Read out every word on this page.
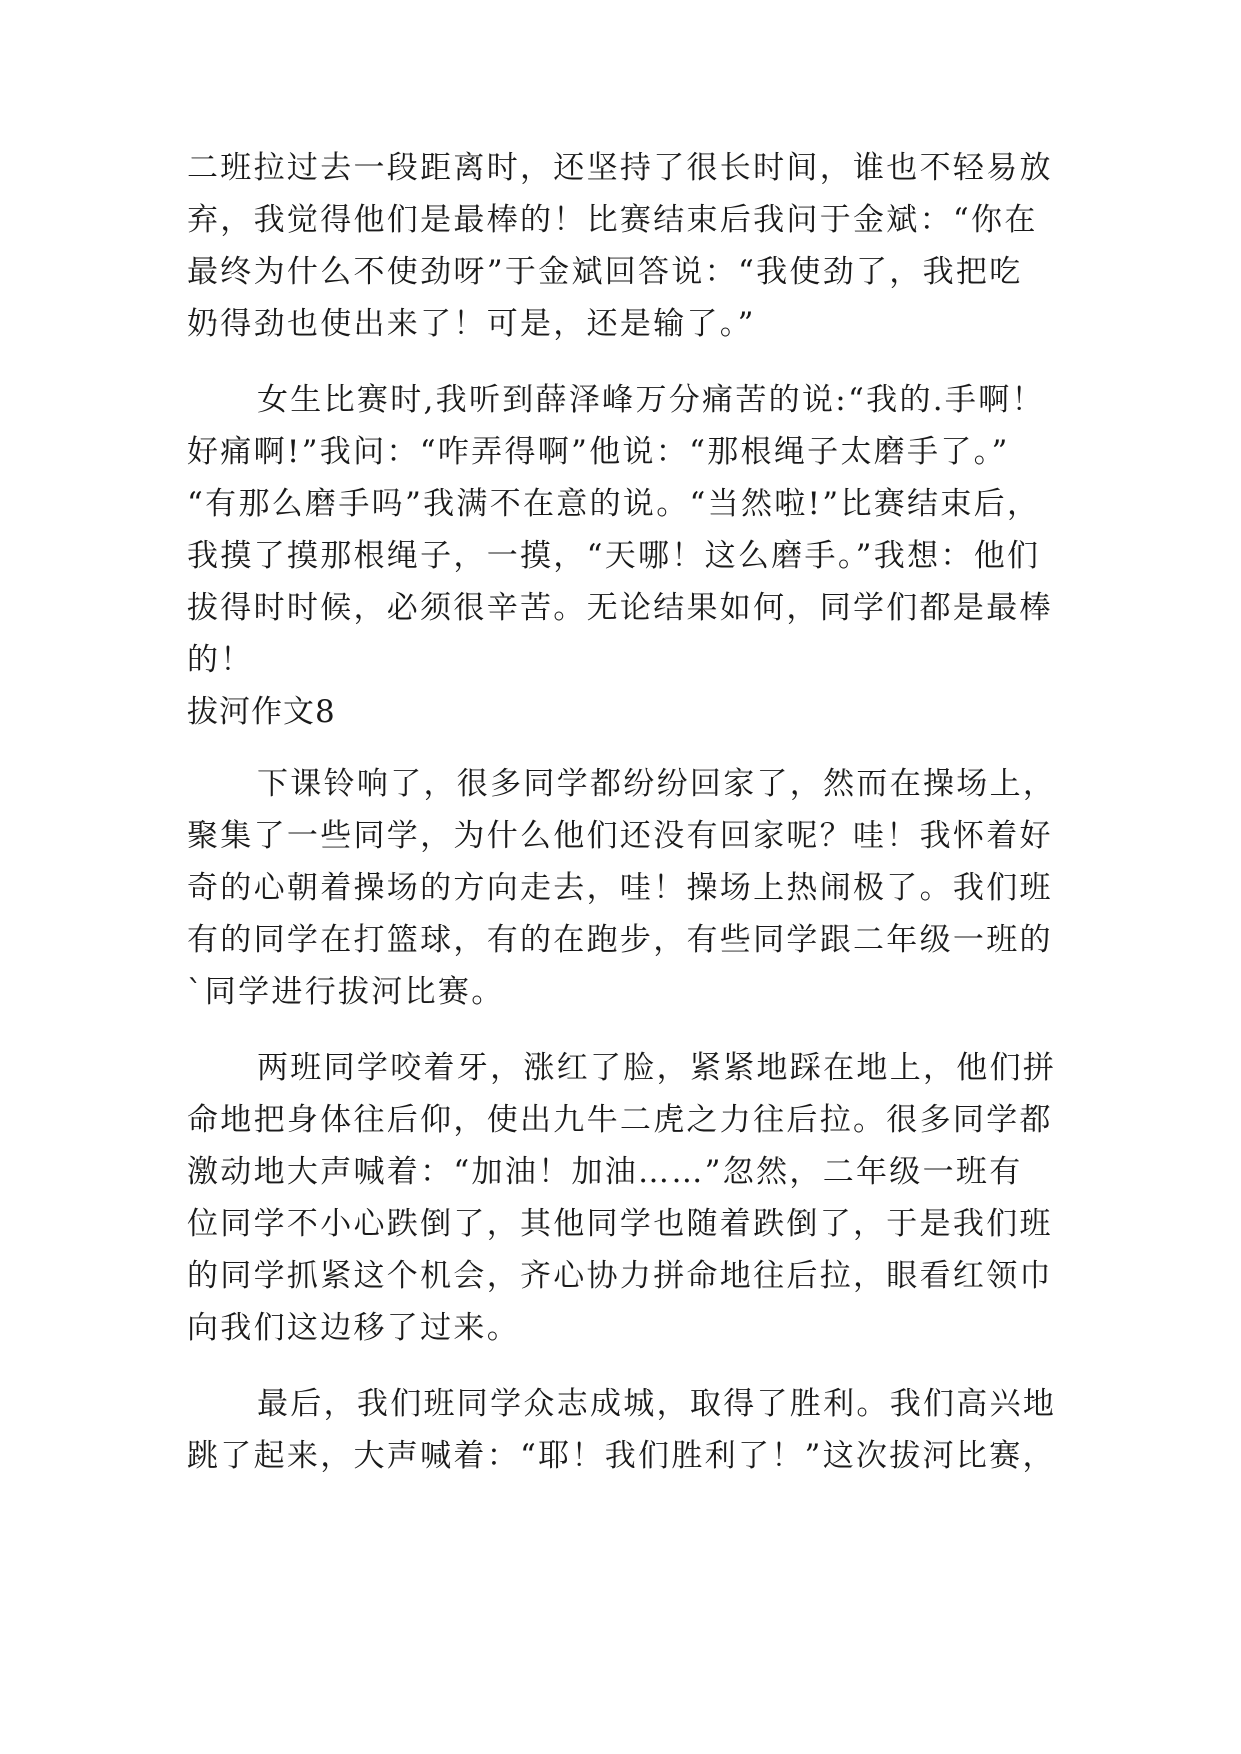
二班拉过去一段距离时，还坚持了很长时间，谁也不轻易放
弃，我觉得他们是最棒的！比赛结束后我问于金斌：“你在
最终为什么不使劲呀”于金斌回答说：“我使劲了，我把吃
奶得劲也使出来了！可是，还是输了。”
女生比赛时,我听到薛泽峰万分痛苦的说:“我的.手啊！
好痛啊!”我问：“咋弄得啊”他说：“那根绳子太磨手了。”
“有那么磨手吗”我满不在意的说。“当然啦!”比赛结束后，
我摸了摸那根绳子，一摸，“天哪！这么磨手。”我想：他们
拔得时时候，必须很辛苦。无论结果如何，同学们都是最棒
的！
拔河作文8
下课铃响了，很多同学都纷纷回家了，然而在操场上，
聚集了一些同学，为什么他们还没有回家呢？哇！我怀着好
奇的心朝着操场的方向走去，哇！操场上热闹极了。我们班
有的同学在打篮球，有的在跑步，有些同学跟二年级一班的
`同学进行拔河比赛。
两班同学咬着牙，涨红了脸，紧紧地踩在地上，他们拼
命地把身体往后仰，使出九牛二虎之力往后拉。很多同学都
激动地大声喊着：“加油！加油……”忽然，二年级一班有
位同学不小心跌倒了，其他同学也随着跌倒了，于是我们班
的同学抓紧这个机会，齐心协力拼命地往后拉，眼看红领巾
向我们这边移了过来。
最后，我们班同学众志成城，取得了胜利。我们高兴地
跳了起来，大声喊着：“耶！我们胜利了！”这次拔河比赛，
